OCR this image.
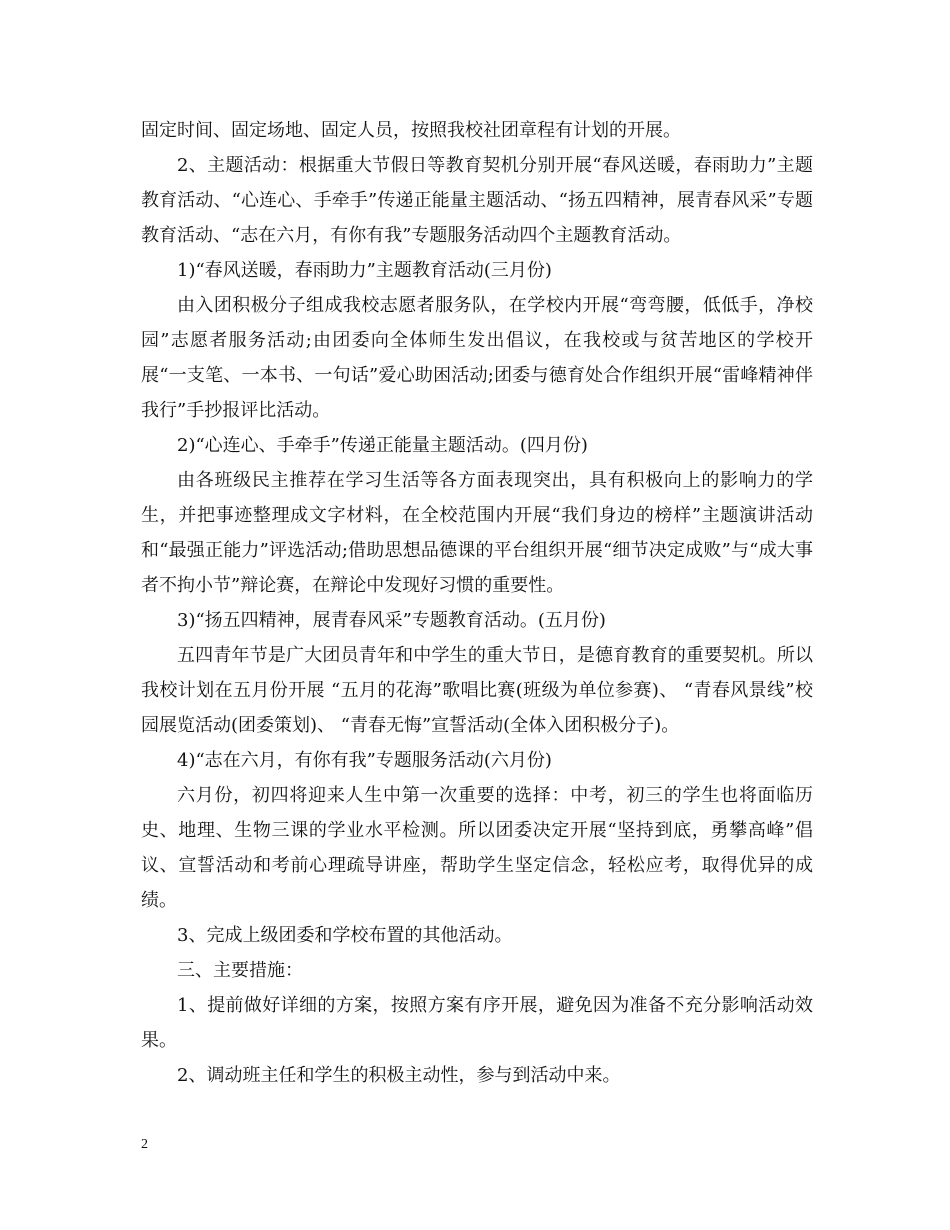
固定时间、固定场地、固定人员，按照我校社团章程有计划的开展。

2、主题活动：根据重大节假日等教育契机分别开展“春风送暖，春雨助力”主题教育活动、“心连心、手牵手”传递正能量主题活动、“扬五四精神，展青春风采”专题教育活动、“志在六月，有你有我”专题服务活动四个主题教育活动。

1)“春风送暖，春雨助力”主题教育活动(三月份)

由入团积极分子组成我校志愿者服务队，在学校内开展“弯弯腰，低低手，净校园”志愿者服务活动;由团委向全体师生发出倡议，在我校或与贫苦地区的学校开展“一支笔、一本书、一句话”爱心助困活动;团委与德育处合作组织开展“雷峰精神伴我行”手抄报评比活动。

2)“心连心、手牵手”传递正能量主题活动。(四月份)

由各班级民主推荐在学习生活等各方面表现突出，具有积极向上的影响力的学生，并把事迹整理成文字材料，在全校范围内开展“我们身边的榜样”主题演讲活动和“最强正能力”评选活动;借助思想品德课的平台组织开展“细节决定成败”与“成大事者不拘小节”辩论赛，在辩论中发现好习惯的重要性。

3)“扬五四精神，展青春风采”专题教育活动。(五月份)

五四青年节是广大团员青年和中学生的重大节日，是德育教育的重要契机。所以我校计划在五月份开展 “五月的花海”歌唱比赛(班级为单位参赛)、 “青春风景线”校园展览活动(团委策划)、 “青春无悔”宣誓活动(全体入团积极分子)。

4)“志在六月，有你有我”专题服务活动(六月份)

六月份，初四将迎来人生中第一次重要的选择：中考，初三的学生也将面临历史、地理、生物三课的学业水平检测。所以团委决定开展“坚持到底，勇攀高峰”倡议、宣誓活动和考前心理疏导讲座，帮助学生坚定信念，轻松应考，取得优异的成绩。

3、完成上级团委和学校布置的其他活动。

三、主要措施：

1、提前做好详细的方案，按照方案有序开展，避免因为准备不充分影响活动效果。

2、调动班主任和学生的积极主动性，参与到活动中来。

2
